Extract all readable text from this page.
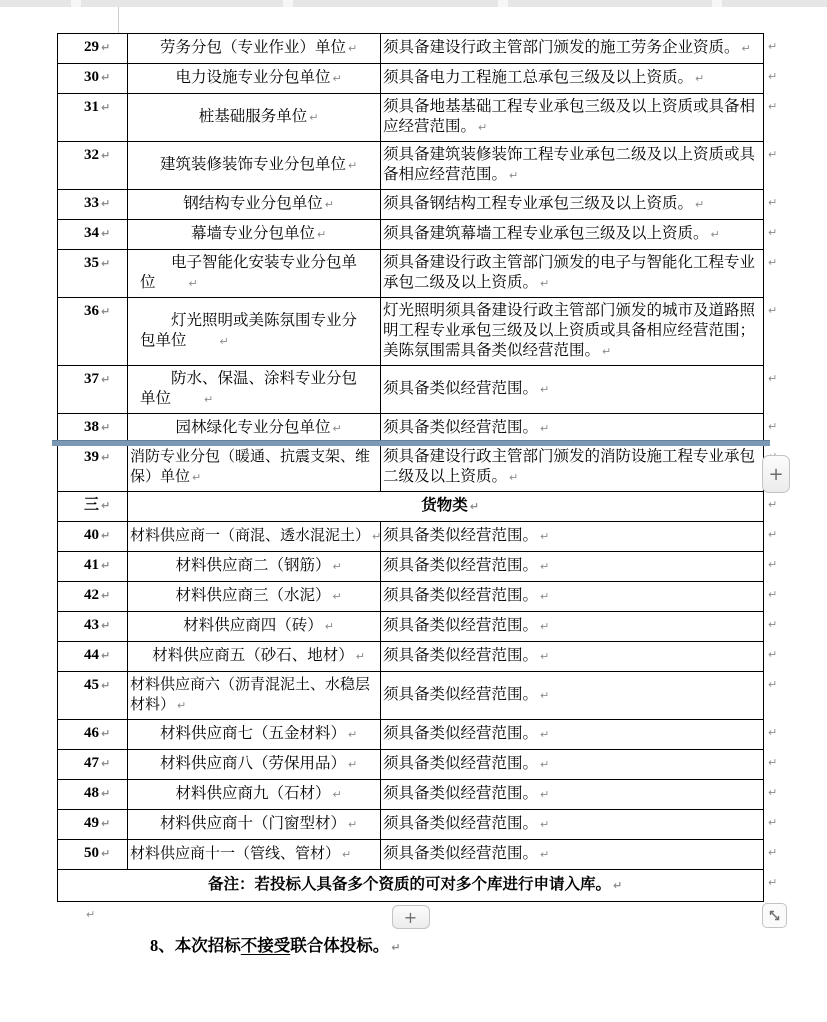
29 ↵	劳务分包（专业作业）单位 ↵	须具备建设行政主管部门颁发的施工劳务企业资质。 ↵	↵
30 ↵	电力设施专业分包单位 ↵	须具备电力工程施工总承包三级及以上资质。 ↵	↵
31 ↵	桩基础服务单位 ↵	须具备地基基础工程专业承包三级及以上资质或具备相应经营范围。 ↵	↵
32 ↵	建筑装修装饰专业分包单位 ↵	须具备建筑装修装饰工程专业承包二级及以上资质或具备相应经营范围。 ↵	↵
33 ↵	钢结构专业分包单位 ↵	须具备钢结构工程专业承包三级及以上资质。 ↵	↵
34 ↵	幕墙专业分包单位 ↵	须具备建筑幕墙工程专业承包三级及以上资质。 ↵	↵
35 ↵	电子智能化安装专业分包单位 ↵	须具备建设行政主管部门颁发的电子与智能化工程专业承包二级及以上资质。 ↵	↵
36 ↵	灯光照明或美陈氛围专业分包单位 ↵	灯光照明须具备建设行政主管部门颁发的城市及道路照明工程专业承包三级及以上资质或具备相应经营范围；美陈氛围需具备类似经营范围。 ↵	↵
37 ↵	防水、保温、涂料专业分包单位 ↵	须具备类似经营范围。 ↵	↵
38 ↵	园林绿化专业分包单位 ↵	须具备类似经营范围。 ↵	↵
39 ↵	消防专业分包（暖通、抗震支架、维保）单位 ↵	须具备建设行政主管部门颁发的消防设施工程专业承包二级及以上资质。 ↵	
三 ↵	货物类 ↵		↵
40 ↵	材料供应商一（商混、透水混泥土） ↵	须具备类似经营范围。 ↵	↵
41 ↵	材料供应商二（钢筋） ↵	须具备类似经营范围。 ↵	↵
42 ↵	材料供应商三（水泥） ↵	须具备类似经营范围。 ↵	↵
43 ↵	材料供应商四（砖） ↵	须具备类似经营范围。 ↵	↵
44 ↵	材料供应商五（砂石、地材） ↵	须具备类似经营范围。 ↵	↵
45 ↵	材料供应商六（沥青混泥土、水稳层材料） ↵	须具备类似经营范围。 ↵	↵
46 ↵	材料供应商七（五金材料） ↵	须具备类似经营范围。 ↵	↵
47 ↵	材料供应商八（劳保用品） ↵	须具备类似经营范围。 ↵	↵
48 ↵	材料供应商九（石材） ↵	须具备类似经营范围。 ↵	↵
49 ↵	材料供应商十（门窗型材） ↵	须具备类似经营范围。 ↵	↵
50 ↵	材料供应商十一（管线、管材） ↵	须具备类似经营范围。 ↵	↵
备注：若投标人具备多个资质的可对多个库进行申请入库。 ↵			↵
+
+
↵

8、本次招标不接受联合体投标。 ↵
